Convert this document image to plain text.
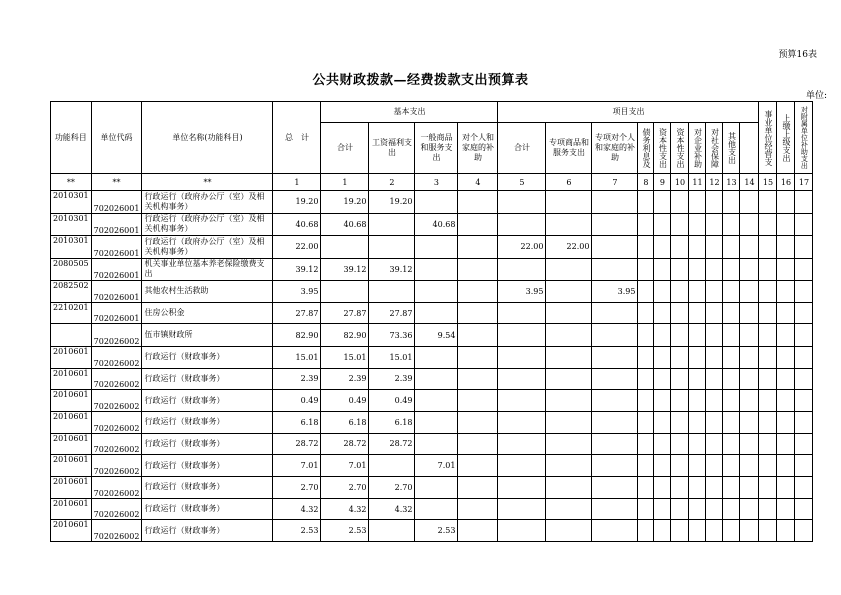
预算16表
公共财政拨款—经费拨款支出预算表
单位:
功能科目	单位代码	单位名称(功能科目)	总　计	基本支出				项目支出										事业单位经营支	上缴上级支出	对附属单位补助支出

				合计	工资福利支出	一般商品和服务支出	对个人和家庭的补助	合计	专项商品和服务支出	专项对个人和家庭的补助	债务利息及	资本性支出	资本性支出	对企业补助	对社会保障	其他支出				

**	**	**	1	1	2	3	4	5	6	7	8	9	10	11	12	13	14	15	16	17
2010301	702026001	行政运行（政府办公厅（室）及相关机构事务）	19.20	19.20	19.20															
2010301	702026001	行政运行（政府办公厅（室）及相关机构事务）	40.68	40.68		40.68														
2010301	702026001	行政运行（政府办公厅（室）及相关机构事务）	22.00					22.00	22.00											
2080505	702026001	机关事业单位基本养老保险缴费支出	39.12	39.12	39.12															
2082502	702026001	其他农村生活救助	3.95					3.95		3.95										
2210201	702026001	住房公积金	27.87	27.87	27.87															
	702026002	伍市镇财政所	82.90	82.90	73.36	9.54														
2010601	702026002	行政运行（财政事务）	15.01	15.01	15.01															
2010601	702026002	行政运行（财政事务）	2.39	2.39	2.39															
2010601	702026002	行政运行（财政事务）	0.49	0.49	0.49															
2010601	702026002	行政运行（财政事务）	6.18	6.18	6.18															
2010601	702026002	行政运行（财政事务）	28.72	28.72	28.72															
2010601	702026002	行政运行（财政事务）	7.01	7.01		7.01														
2010601	702026002	行政运行（财政事务）	2.70	2.70	2.70															
2010601	702026002	行政运行（财政事务）	4.32	4.32	4.32															
2010601	702026002	行政运行（财政事务）	2.53	2.53		2.53														
